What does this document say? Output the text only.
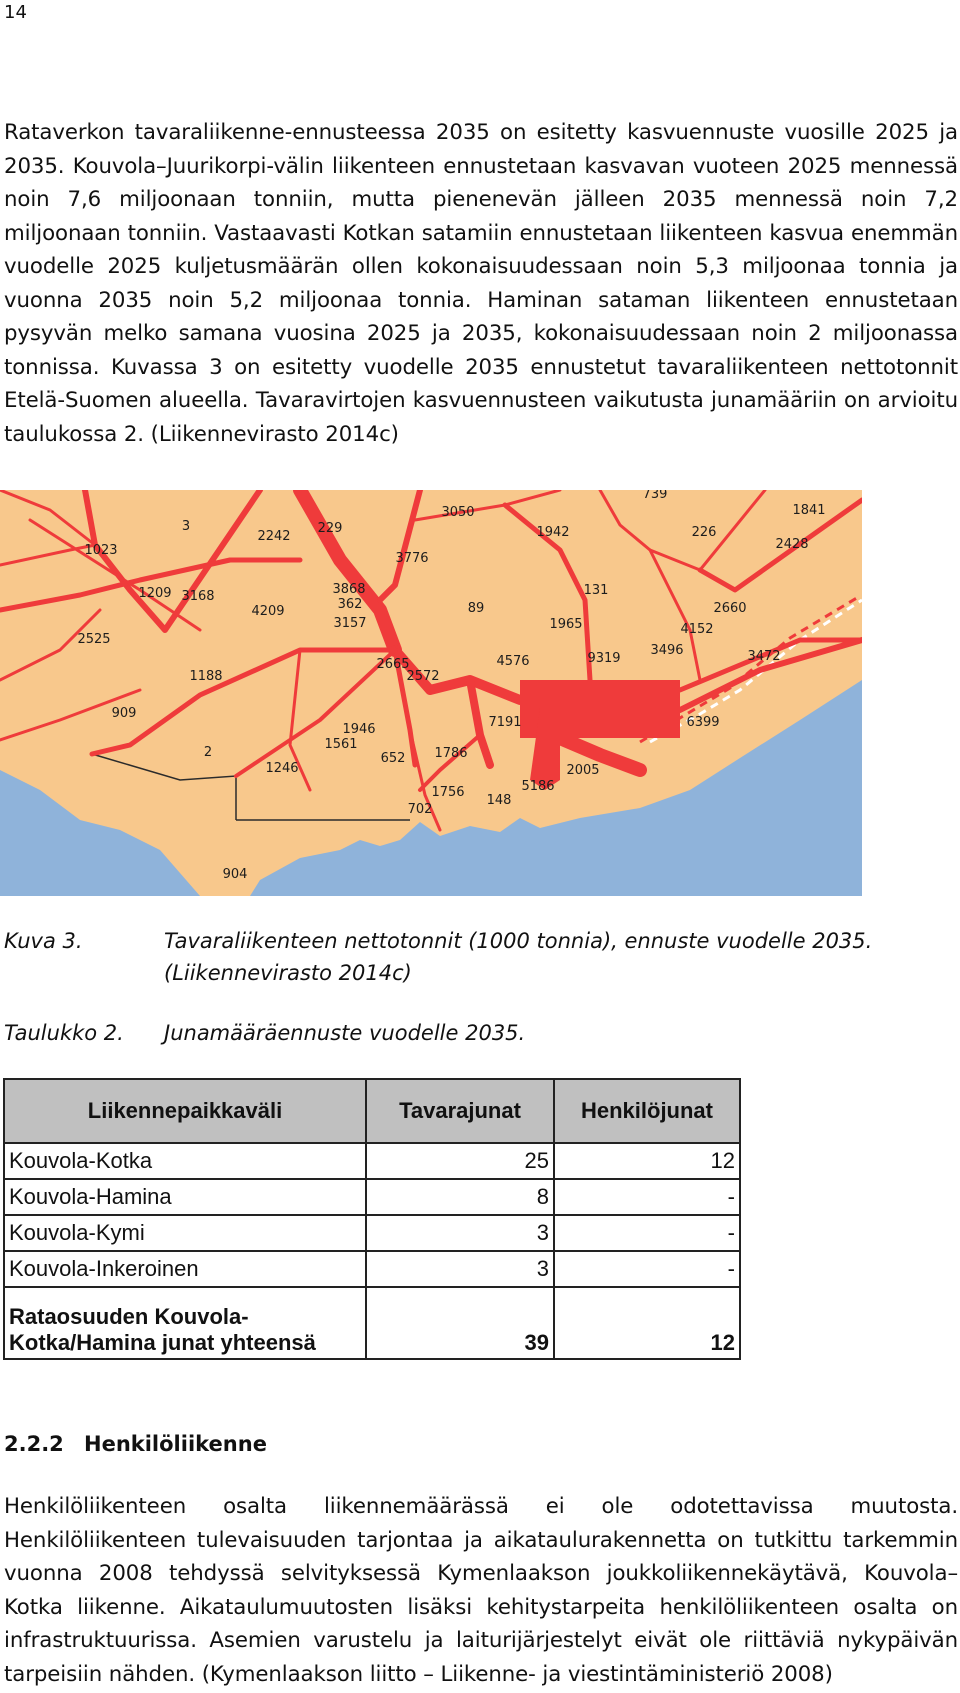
14

Rataverkon tavaraliikenne-ennusteessa 2035 on esitetty kasvuennuste vuosille 2025 ja 2035. Kouvola–Juurikorpi-välin liikenteen ennustetaan kasvavan vuoteen 2025 mennessä noin 7,6 miljoonaan tonniin, mutta pienenevän jälleen 2035 mennessä noin 7,2 miljoonaan tonniin. Vastaavasti Kotkan satamiin ennustetaan liikenteen kasvua enemmän vuodelle 2025 kuljetusmäärän ollen kokonaisuudessaan noin 5,3 miljoonaa tonnia ja vuonna 2035 noin 5,2 miljoonaa tonnia. Haminan sataman liikenteen ennustetaan pysyvän melko samana vuosina 2025 ja 2035, kokonaisuudessaan noin 2 miljoonassa tonnissa. Kuvassa 3 on esitetty vuodelle 2035 ennustetut tavaraliikenteen nettotonnit Etelä-Suomen alueella. Tavaravirtojen kasvuennusteen vaikutusta junamääriin on arvioitu taulukossa 2. (Liikennevirasto 2014c)

3
1023
2242
229
3050
1942
739
1841
226
2428
3776
1209 3168
4209
3868
362
3157
89
131
1965
2660
4152
3496	3472
2525
1188
2665
2572
4576	9319
909
6399
1946
1561
7191
2
1246
652 1786
2005
1756	5186
148
702
904
Kuva 3.	Tavaraliikenteen nettotonnit (1000 tonnia), ennuste vuodelle 2035.
(Liikennevirasto 2014c)
Taulukko 2. Junamääräennuste vuodelle 2035.
Liikennepaikkaväli	Tavarajunat	Henkilöjunat
Kouvola-Kotka	25	12
Kouvola-Hamina	8	-
Kouvola-Kymi	3	-
Kouvola-Inkeroinen	3	-

Rataosuuden Kouvola-
Kotka/Hamina junat yhteensä	39	12
2.2.2 Henkilöliikenne

Henkilöliikenteen osalta liikennemäärässä ei ole odotettavissa muutosta. Henkilöliikenteen tulevaisuuden tarjontaa ja aikataulurakennetta on tutkittu tarkemmin vuonna 2008 tehdyssä selvityksessä Kymenlaakson joukkoliikennekäytävä, Kouvola–Kotka liikenne. Aikataulumuutosten lisäksi kehitystarpeita henkilöliikenteen osalta on infrastruktuurissa. Asemien varustelu ja laiturijärjestelyt eivät ole riittäviä nykypäivän tarpeisiin nähden. (Kymenlaakson liitto – Liikenne- ja viestintäministeriö 2008)
